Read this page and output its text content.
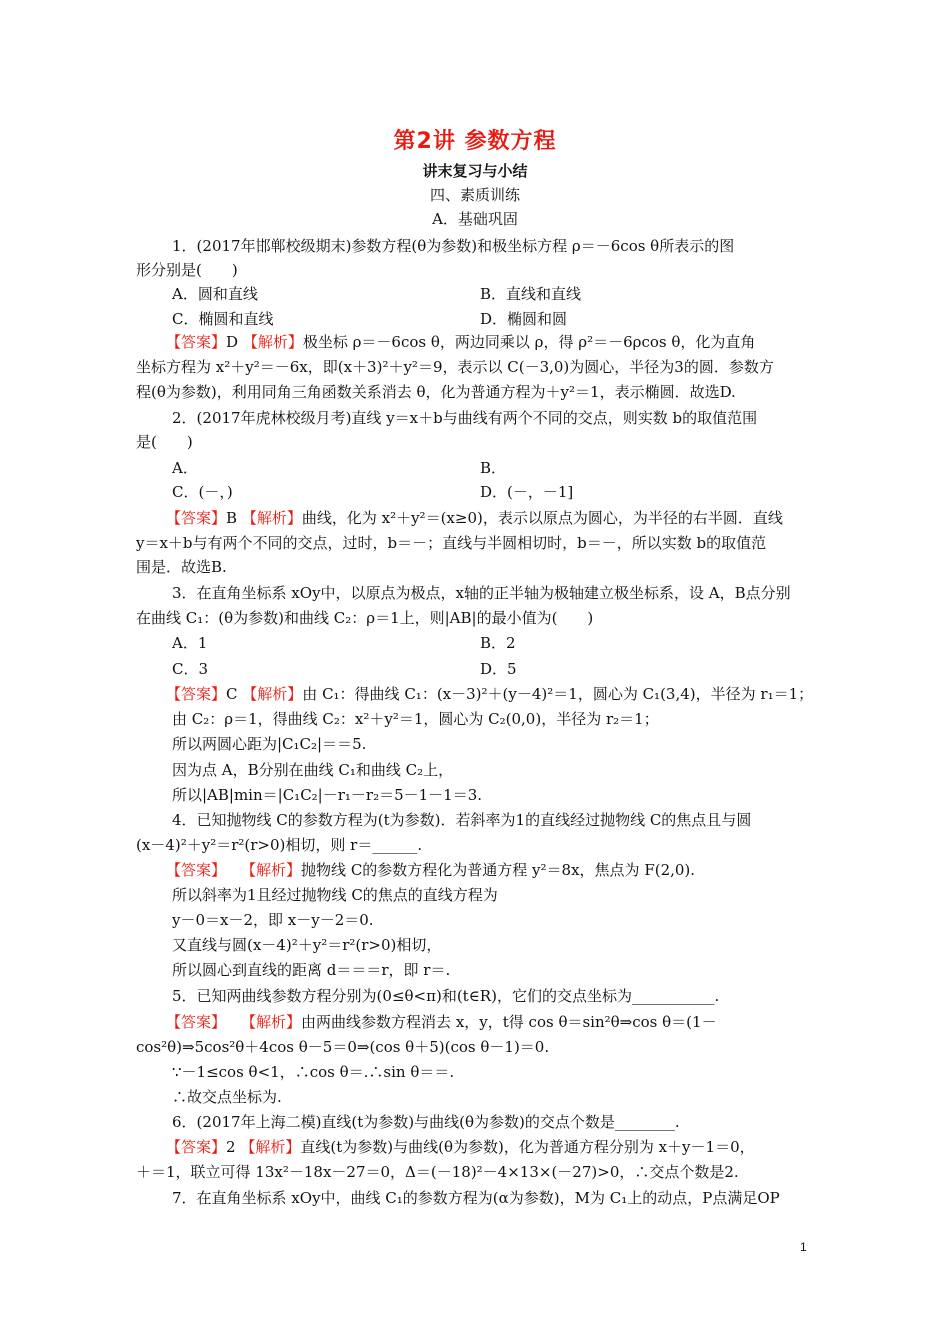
第2讲 参数方程
讲末复习与小结
四、素质训练
A．基础巩固
1．(2017年邯郸校级期末)参数方程(θ为参数)和极坐标方程 ρ＝－6cos θ所表示的图
形分别是(　　)
A．圆和直线	B．直线和直线
C．椭圆和直线	D．椭圆和圆
【答案】D 【解析】极坐标 ρ＝－6cos θ，两边同乘以 ρ，得 ρ²＝－6ρcos θ，化为直角
坐标方程为 x²＋y²＝－6x，即(x＋3)²＋y²＝9，表示以 C(－3,0)为圆心，半径为3的圆．参数方
程(θ为参数)，利用同角三角函数关系消去 θ，化为普通方程为＋y²＝1，表示椭圆．故选D.
2．(2017年虎林校级月考)直线 y＝x＋b与曲线有两个不同的交点，则实数 b的取值范围
是(　　)
A．	B．
C．(－，)	D．(－，－1]
【答案】B 【解析】曲线，化为 x²＋y²＝(x≥0)，表示以原点为圆心，为半径的右半圆．直线
y＝x＋b与有两个不同的交点，过时，b＝－；直线与半圆相切时，b＝－，所以实数 b的取值范
围是．故选B.
3．在直角坐标系 xOy中，以原点为极点，x轴的正半轴为极轴建立极坐标系，设 A，B点分别
在曲线 C₁：(θ为参数)和曲线 C₂：ρ＝1上，则|AB|的最小值为(　　)
A．1	B．2
C．3	D．5
【答案】C 【解析】由 C₁：得曲线 C₁：(x－3)²＋(y－4)²＝1，圆心为 C₁(3,4)，半径为 r₁＝1；
由 C₂：ρ＝1，得曲线 C₂：x²＋y²＝1，圆心为 C₂(0,0)，半径为 r₂＝1；
所以两圆心距为|C₁C₂|＝＝5.
因为点 A，B分别在曲线 C₁和曲线 C₂上，
所以|AB|min＝|C₁C₂|－r₁－r₂＝5－1－1＝3.
4．已知抛物线 C的参数方程为(t为参数)．若斜率为1的直线经过抛物线 C的焦点且与圆
(x－4)²＋y²＝r²(r>0)相切，则 r＝______.
【答案】　　 【解析】抛物线 C的参数方程化为普通方程 y²＝8x，焦点为 F(2,0).
所以斜率为1且经过抛物线 C的焦点的直线方程为
y－0＝x－2，即 x－y－2＝0.
又直线与圆(x－4)²＋y²＝r²(r>0)相切，
所以圆心到直线的距离 d＝＝＝r，即 r＝.
5．已知两曲线参数方程分别为(0≤θ<π)和(t∈R)，它们的交点坐标为___________.
【答案】　　 【解析】由两曲线参数方程消去 x，y，t得 cos θ＝sin²θ⇒cos θ＝(1－
cos²θ)⇒5cos²θ＋4cos θ－5＝0⇒(cos θ＋5)(cos θ－1)＝0.
∵－1≤cos θ<1，∴cos θ＝.∴sin θ＝＝.
∴故交点坐标为.
6．(2017年上海二模)直线(t为参数)与曲线(θ为参数)的交点个数是________.
【答案】2 【解析】直线(t为参数)与曲线(θ为参数)，化为普通方程分别为 x＋y－1＝0，
＋＝1，联立可得 13x²－18x－27＝0，Δ＝(－18)²－4×13×(－27)>0，∴交点个数是2.
7．在直角坐标系 xOy中，曲线 C₁的参数方程为(α为参数)，M为 C₁上的动点，P点满足OP
1
